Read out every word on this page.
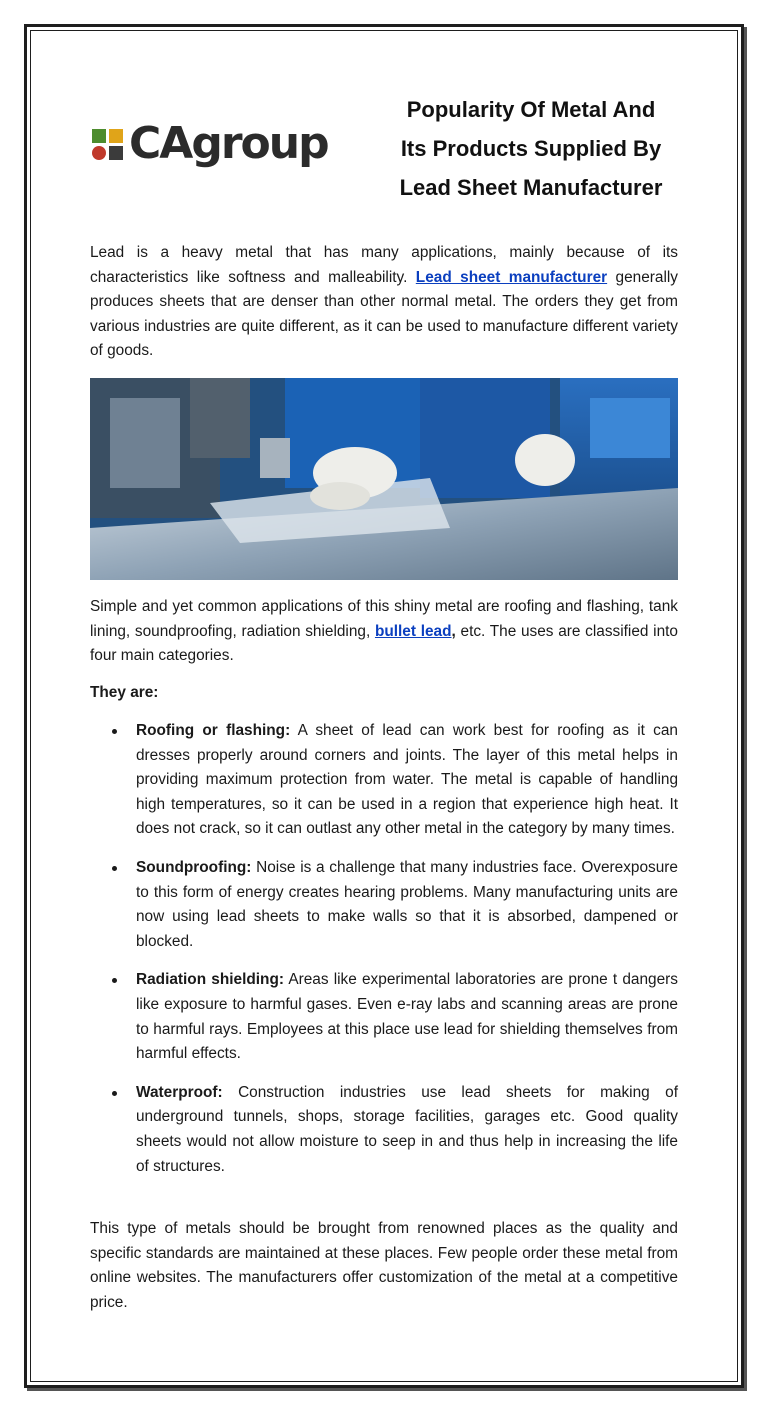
CAgroup
Popularity Of Metal And
Its Products Supplied By
Lead Sheet Manufacturer

Lead is a heavy metal that has many applications, mainly because of its characteristics like softness and malleability. Lead sheet manufacturer generally produces sheets that are denser than other normal metal. The orders they get from various industries are quite different, as it can be used to manufacture different variety of goods.

Simple and yet common applications of this shiny metal are roofing and flashing, tank lining, soundproofing, radiation shielding, bullet lead, etc. The uses are classified into four main categories.

They are:

Roofing or flashing: A sheet of lead can work best for roofing as it can dresses properly around corners and joints. The layer of this metal helps in providing maximum protection from water. The metal is capable of handling high temperatures, so it can be used in a region that experience high heat. It does not crack, so it can outlast any other metal in the category by many times.
Soundproofing: Noise is a challenge that many industries face. Overexposure to this form of energy creates hearing problems. Many manufacturing units are now using lead sheets to make walls so that it is absorbed, dampened or blocked.
Radiation shielding: Areas like experimental laboratories are prone t dangers like exposure to harmful gases. Even e-ray labs and scanning areas are prone to harmful rays. Employees at this place use lead for shielding themselves from harmful effects.
Waterproof: Construction industries use lead sheets for making of underground tunnels, shops, storage facilities, garages etc. Good quality sheets would not allow moisture to seep in and thus help in increasing the life of structures.

This type of metals should be brought from renowned places as the quality and specific standards are maintained at these places. Few people order these metal from online websites. The manufacturers offer customization of the metal at a competitive price.
